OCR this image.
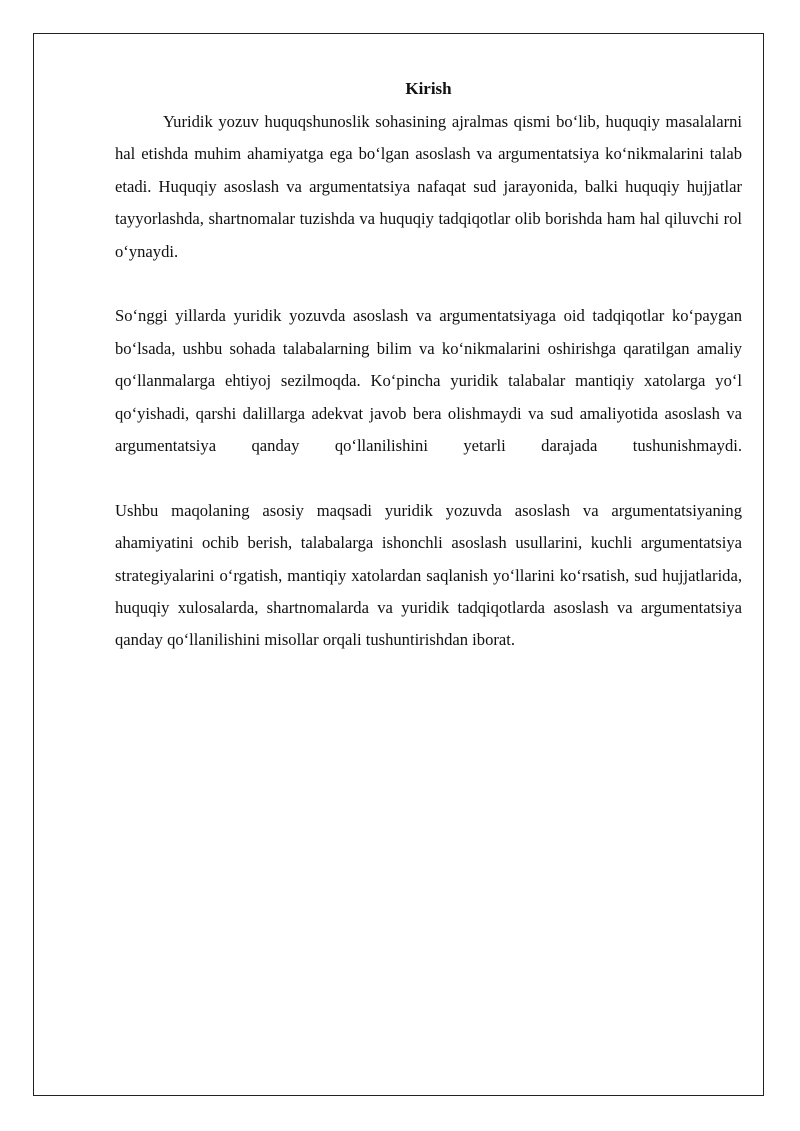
Kirish

Yuridik yozuv huquqshunoslik sohasining ajralmas qismi bo‘lib, huquqiy masalalarni hal etishda muhim ahamiyatga ega bo‘lgan asoslash va argumentatsiya ko‘nikmalarini talab etadi. Huquqiy asoslash va argumentatsiya nafaqat sud jarayonida, balki huquqiy hujjatlar tayyorlashda, shartnomalar tuzishda va huquqiy tadqiqotlar olib borishda ham hal qiluvchi rol o‘ynaydi.

So‘nggi yillarda yuridik yozuvda asoslash va argumentatsiyaga oid tadqiqotlar ko‘paygan bo‘lsada, ushbu sohada talabalarning bilim va ko‘nikmalarini oshirishga qaratilgan amaliy qo‘llanmalarga ehtiyoj sezilmoqda. Ko‘pincha yuridik talabalar mantiqiy xatolarga yo‘l qo‘yishadi, qarshi dalillarga adekvat javob bera olishmaydi va sud amaliyotida asoslash va argumentatsiya qanday qo‘llanilishini yetarli darajada tushunishmaydi.

Ushbu maqolaning asosiy maqsadi yuridik yozuvda asoslash va argumentatsiyaning ahamiyatini ochib berish, talabalarga ishonchli asoslash usullarini, kuchli argumentatsiya strategiyalarini o‘rgatish, mantiqiy xatolardan saqlanish yo‘llarini ko‘rsatish, sud hujjatlarida, huquqiy xulosalarda, shartnomalarda va yuridik tadqiqotlarda asoslash va argumentatsiya qanday qo‘llanilishini misollar orqali tushuntirishdan iborat.
